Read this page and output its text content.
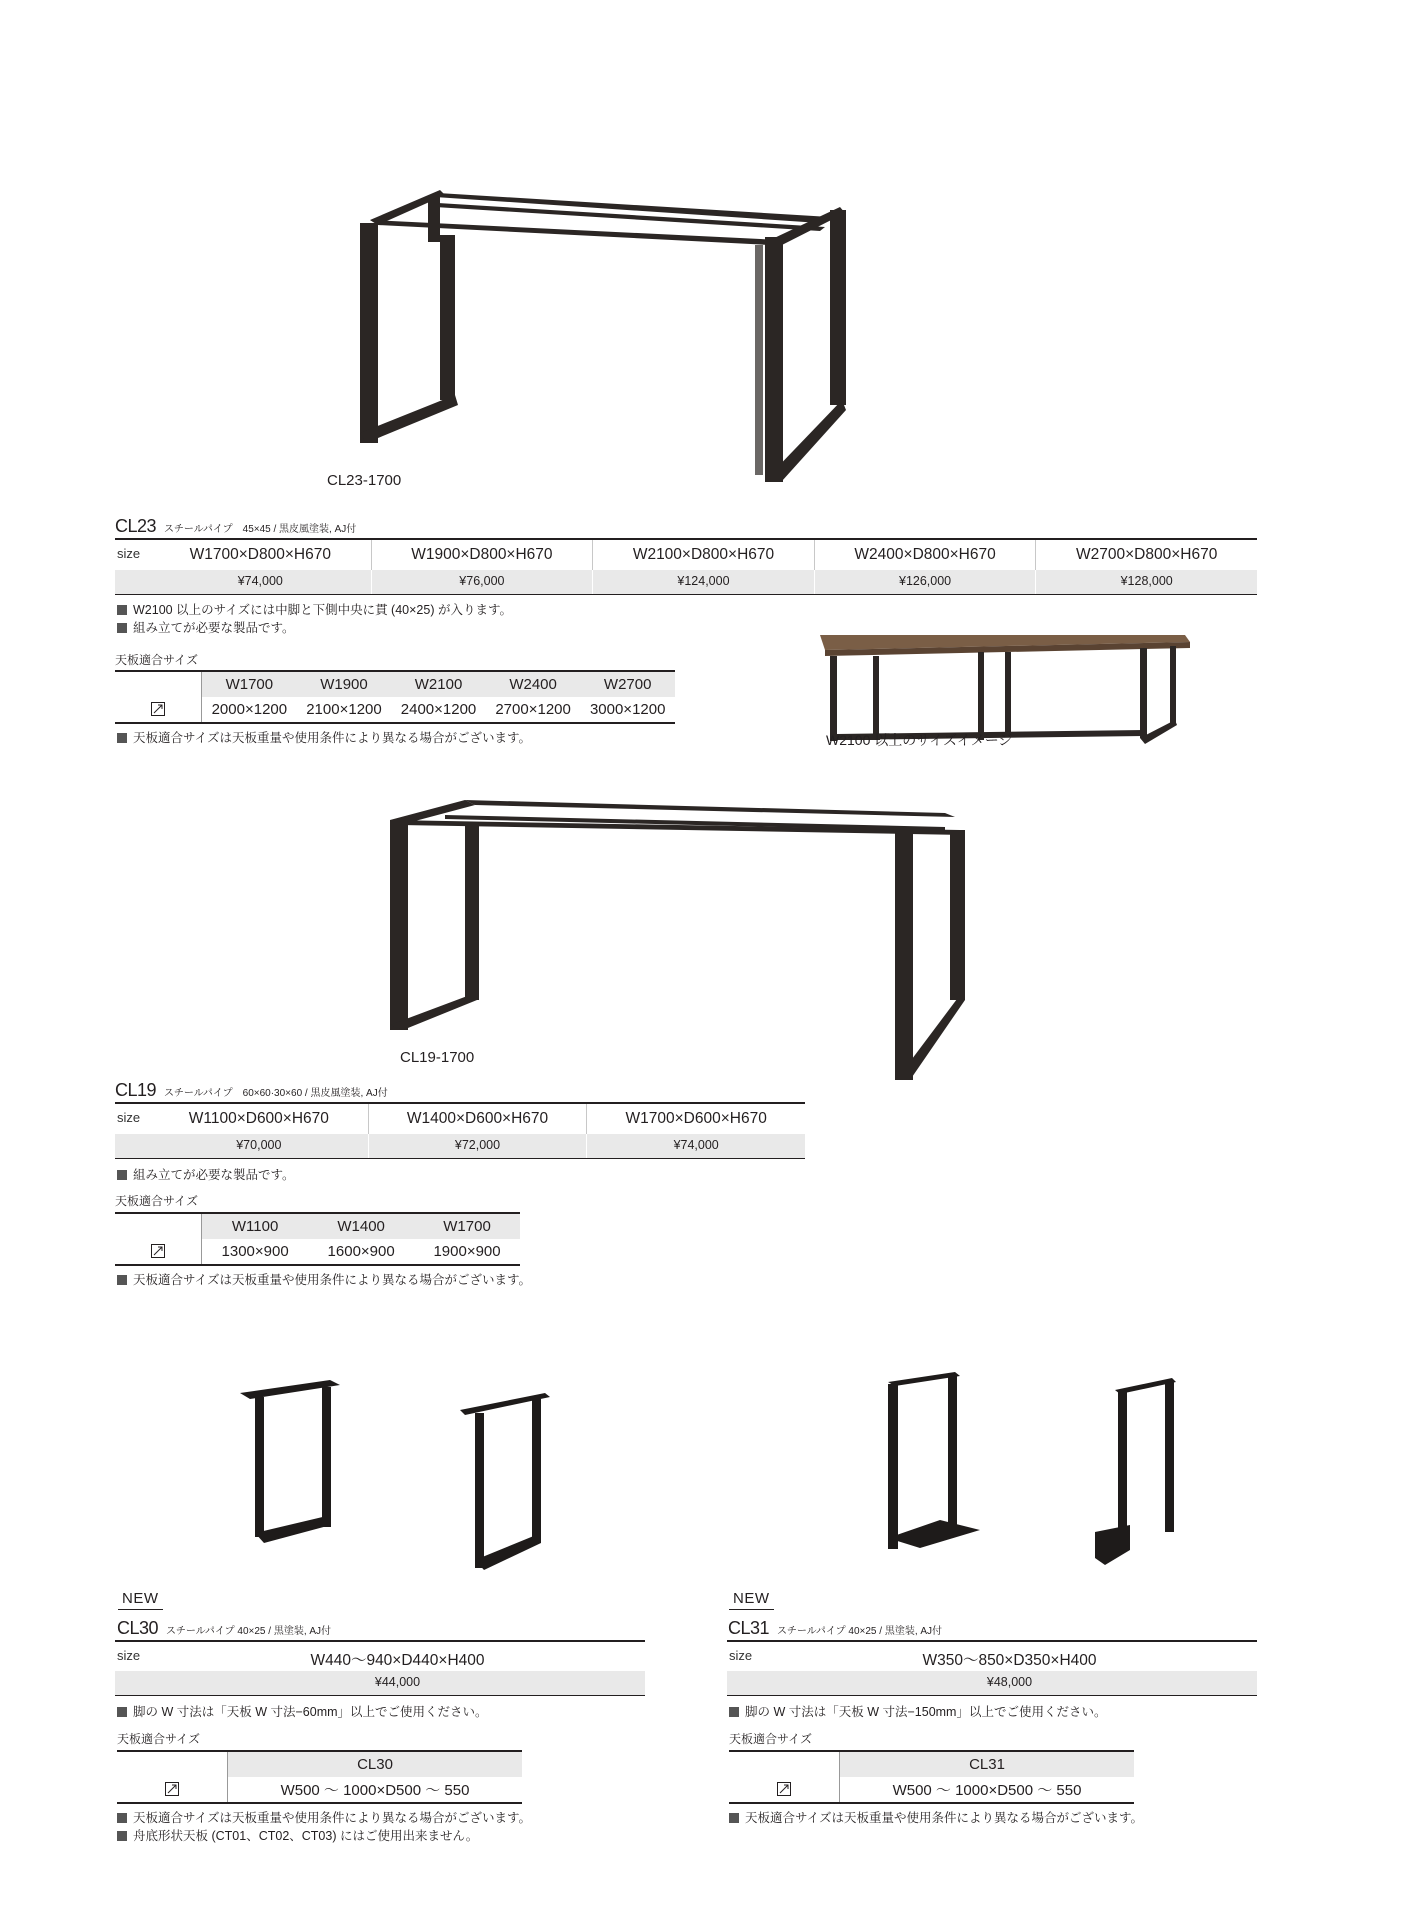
CL23-1700
CL23 スチールパイプ　45×45 / 黒皮風塗装, AJ付
size	W1700×D800×H670	W1900×D800×H670	W2100×D800×H670	W2400×D800×H670	W2700×D800×H670
¥74,000	¥76,000	¥124,000	¥126,000	¥128,000
W2100 以上のサイズには中脚と下側中央に貫 (40×25) が入ります。
組み立てが必要な製品です。
天板適合サイズ
	W1700	W1900	W2100	W2400	W2700
	2000×1200	2100×1200	2400×1200	2700×1200	3000×1200
天板適合サイズは天板重量や使用条件により異なる場合がございます。	W2100 以上のサイズイメージ
CL19-1700
CL19 スチールパイプ　60×60·30×60 / 黒皮風塗装, AJ付
size	W1100×D600×H670	W1400×D600×H670	W1700×D600×H670
¥70,000	¥72,000	¥74,000
組み立てが必要な製品です。
天板適合サイズ
	W1100	W1400	W1700
	1300×900	1600×900	1900×900
天板適合サイズは天板重量や使用条件により異なる場合がございます。
NEW
CL30 スチールパイプ 40×25 / 黒塗装, AJ付
size	W440〜940×D440×H400
¥44,000
脚の W 寸法は「天板 W 寸法−60mm」以上でご使用ください。
天板適合サイズ
	CL30
	W500 〜 1000×D500 〜 550
天板適合サイズは天板重量や使用条件により異なる場合がございます。
舟底形状天板 (CT01、CT02、CT03) にはご使用出来ません。
NEW
CL31 スチールパイプ 40×25 / 黒塗装, AJ付
size	W350〜850×D350×H400
¥48,000
脚の W 寸法は「天板 W 寸法−150mm」以上でご使用ください。
天板適合サイズ
	CL31
	W500 〜 1000×D500 〜 550
天板適合サイズは天板重量や使用条件により異なる場合がございます。
